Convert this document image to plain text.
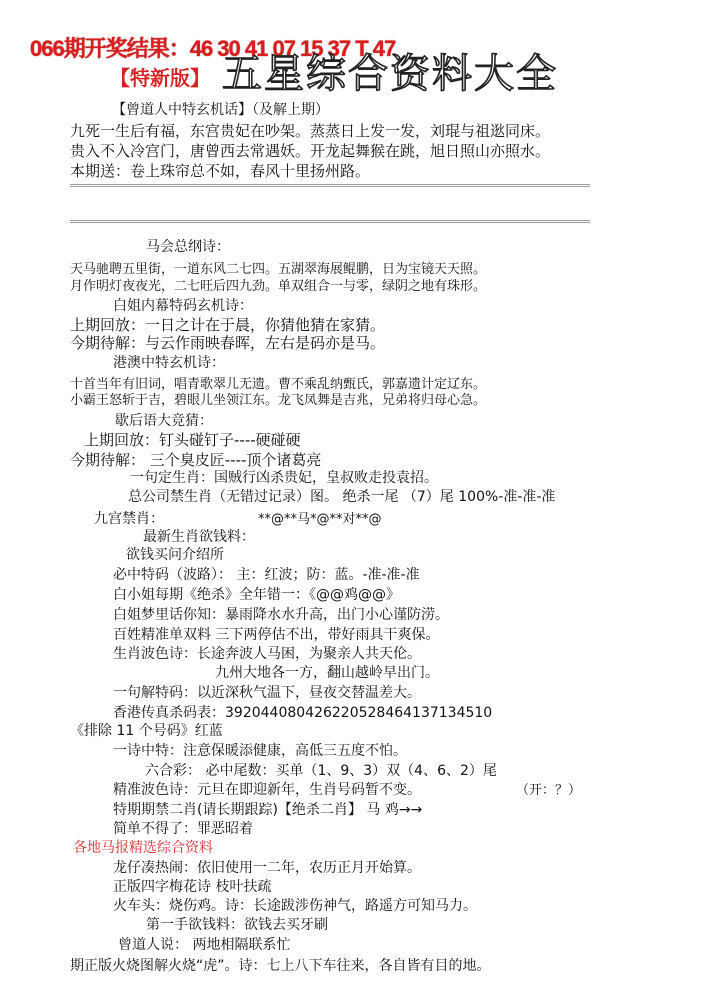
066期开奖结果：46 30 41 07 15 37 T 47
【特新版】 五星综合资料大全
【曾道人中特玄机话】（及解上期）
九死一生后有福，东宫贵妃在吵架。蒸蒸日上发一发，刘琨与祖逖同床。
贵入不入冷宫门，唐曾西去常遇妖。开龙起舞猴在跳，旭日照山亦照水。
本期送：卷上珠帘总不如，春风十里扬州路。
马会总纲诗：
天马驰聘五里街，一道东风二七四。五湖翠海展鲲鹏，日为宝镜天天照。
月作明灯夜夜光，二七旺后四九劲。单双组合一与零，绿阴之地有珠形。
白姐内幕特码玄机诗：
上期回放：一日之计在于晨，你猜他猜在家猜。
今期待解：与云作雨映春晖，左右是码亦是马。
港澳中特玄机诗：
十首当年有旧词，唱青歌翠儿无遗。曹不乘乱纳甄氏，郭嘉遗计定辽东。
小霸王怒斩于吉，碧眼儿坐领江东。龙飞凤舞是吉兆，兄弟将归母心急。
歇后语大竞猜：
上期回放：钉头碰钉子----硬碰硬
今期待解： 三个臭皮匠----顶个诸葛亮
一句定生肖：国贼行凶杀贵妃，皇叔败走投袁招。
总公司禁生肖（无错过记录）图。 绝杀一尾 （7）尾 100%-准-准-准
九宫禁肖：	**@**马*@**对**@
最新生肖欲钱料：
欲钱买问介绍所
必中特码（波路）： 主：红波；防：蓝。-准-准-准
白小姐每期《绝杀》全年错一：《@@鸡@@》
白姐梦里话你知：暴雨降水水升高，出门小心谨防涝。
百姓精准单双料 三下两停估不出，带好雨具干爽保。
生肖波色诗：长途奔波人马困，为聚亲人共天伦。
九州大地各一方，翻山越岭早出门。
一句解特码：以近深秋气温下，昼夜交替温差大。
香港传真杀码表：392044080426220528464137134510
《排除 11 个号码》红蓝
一诗中特：注意保暖添健康，高低三五度不怕。
六合彩： 必中尾数：买单（1、9、3）双（4、6、2）尾
精准波色诗：元旦在即迎新年，生肖号码暂不变。	（开：？）
特期期禁二肖(请长期跟踪)【绝杀二肖】 马 鸡→→
简单不得了：罪恶昭着
各地马报精选综合资料
龙仔凑热闹：依旧使用一二年，农历正月开始算。
正版四字梅花诗 枝叶扶疏
火车头：烧伤鸡。诗：长途跋涉伤神气，路遥方可知马力。
第一手欲钱料：欲钱去买牙刷
曾道人说： 两地相隔联系忙
期正版火烧图解火烧“虎”。诗：七上八下车往来，各自皆有目的地。
